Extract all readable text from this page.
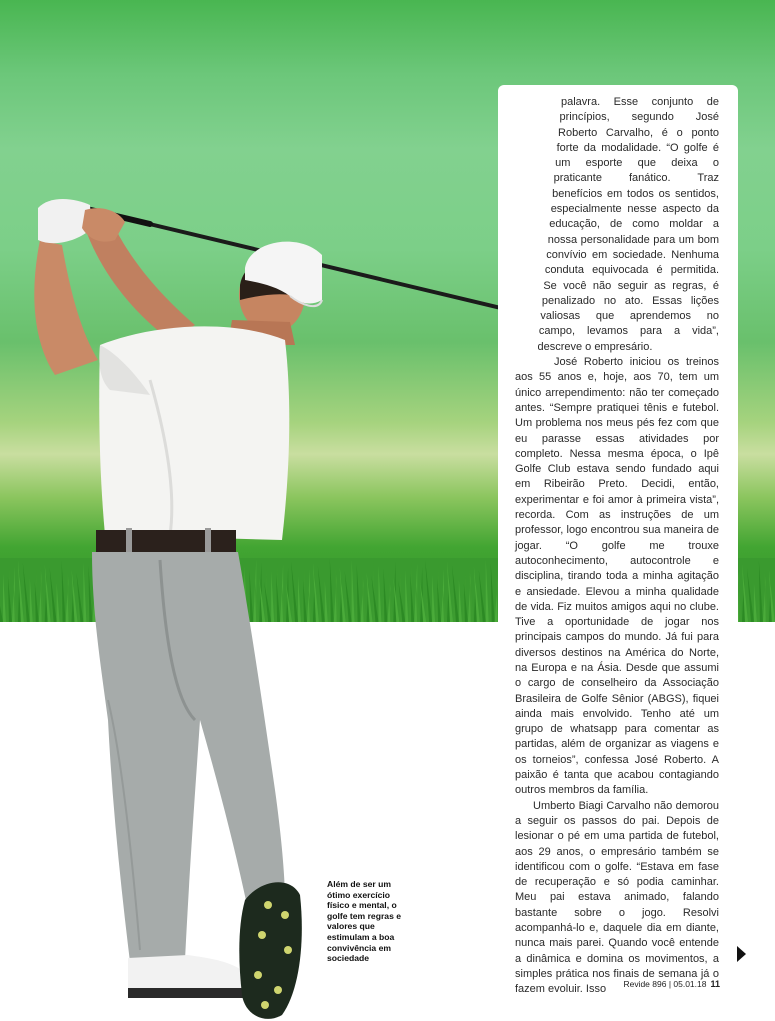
palavra. Esse conjunto de princípios, segundo José Roberto Carvalho, é o ponto forte da modalidade. “O golfe é um esporte que deixa o praticante fanático. Traz benefícios em todos os sentidos, especialmente nesse aspecto da educação, de como moldar a nossa personalidade para um bom convívio em sociedade. Nenhuma conduta equivocada é permitida. Se você não seguir as regras, é penalizado no ato. Essas lições valiosas que aprendemos no campo, levamos para a vida”, descreve o empresário.

José Roberto iniciou os treinos aos 55 anos e, hoje, aos 70, tem um único arrependimento: não ter começado antes. “Sempre pratiquei tênis e futebol. Um problema nos meus pés fez com que eu parasse essas atividades por completo. Nessa mesma época, o Ipê Golfe Club estava sendo fundado aqui em Ribeirão Preto. Decidi, então, experimentar e foi amor à primeira vista”, recorda. Com as instruções de um professor, logo encontrou sua maneira de jogar. “O golfe me trouxe autoconhecimento, autocontrole e disciplina, tirando toda a minha agitação e ansiedade. Elevou a minha qualidade de vida. Fiz muitos amigos aqui no clube. Tive a oportunidade de jogar nos principais campos do mundo. Já fui para diversos destinos na América do Norte, na Europa e na Ásia. Desde que assumi o cargo de conselheiro da Associação Brasileira de Golfe Sênior (ABGS), fiquei ainda mais envolvido. Tenho até um grupo de whatsapp para comentar as partidas, além de organizar as viagens e os torneios”, confessa José Roberto. A paixão é tanta que acabou contagiando outros membros da família.

Umberto Biagi Carvalho não demorou a seguir os passos do pai. Depois de lesionar o pé em uma partida de futebol, aos 29 anos, o empresário também se identificou com o golfe. “Estava em fase de recuperação e só podia caminhar. Meu pai estava animado, falando bastante sobre o jogo. Resolvi acompanhá-lo e, daquele dia em diante, nunca mais parei. Quando você entende a dinâmica e domina os movimentos, a simples prática nos finais de semana já o fazem evoluir. Isso

Além de ser um ótimo exercício físico e mental, o golfe tem regras e valores que estimulam a boa convivência em sociedade

Revide 896 | 05.01.18 11
